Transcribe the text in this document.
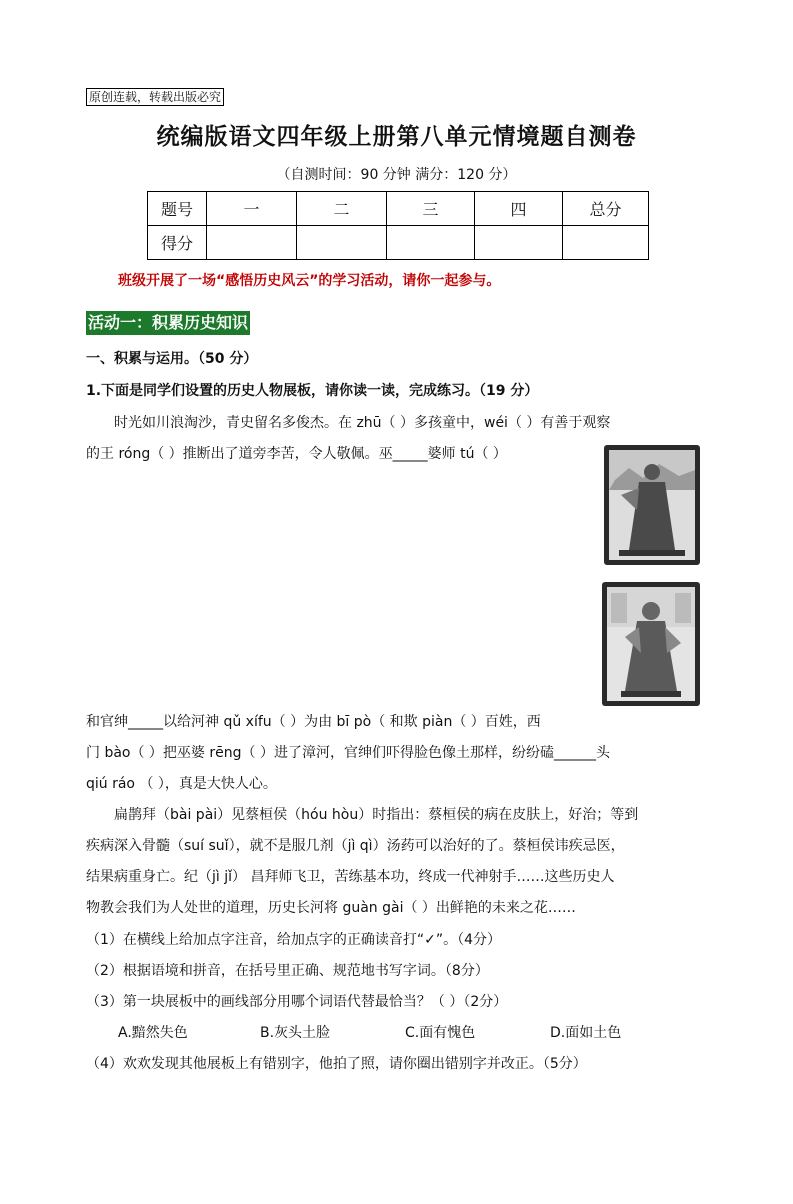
原创连载，转载出版必究
统编版语文四年级上册第八单元情境题自测卷
（自测时间：90 分钟 满分：120 分）
题号	一	二	三	四	总分
得分					
班级开展了一场“感悟历史风云”的学习活动，请你一起参与。
活动一：积累历史知识
一、积累与运用。（50 分）
1.下面是同学们设置的历史人物展板，请你读一读，完成练习。（19 分）
时光如川浪淘沙，青史留名多俊杰。在 zhū（ ）多孩童中，wéi（ ）有善于观察
的王 róng（ ）推断出了道旁李苦，令人敬佩。巫_____婆师 tú（ ）
和官绅_____以给河神 qǔ xífu（ ）为由 bī pò（ 和欺 piàn（ ）百姓，西
门 bào（ ）把巫婆 rēng（ ）进了漳河，官绅们吓得脸色像土那样，纷纷磕______头
qiú ráo （ ），真是大快人心。
扁鹊拜（bài pài）见蔡桓侯（hóu hòu）时指出：蔡桓侯的病在皮肤上，好治；等到
疾病深入骨髓（suí suǐ），就不是服几剂（jì qì）汤药可以治好的了。蔡桓侯讳疾忌医，
结果病重身亡。纪（jì jǐ） 昌拜师飞卫，苦练基本功，终成一代神射手……这些历史人
物教会我们为人处世的道理，历史长河将 guàn gài（ ）出鲜艳的未来之花……
（1）在横线上给加点字注音，给加点字的正确读音打“✓”。（4分）
（2）根据语境和拼音，在括号里正确、规范地书写字词。（8分）
（3）第一块展板中的画线部分用哪个词语代替最恰当？（ ）（2分）
A.黯然失色	B.灰头土脸	C.面有愧色	D.面如土色
（4）欢欢发现其他展板上有错别字，他拍了照，请你圈出错别字并改正。（5分）
